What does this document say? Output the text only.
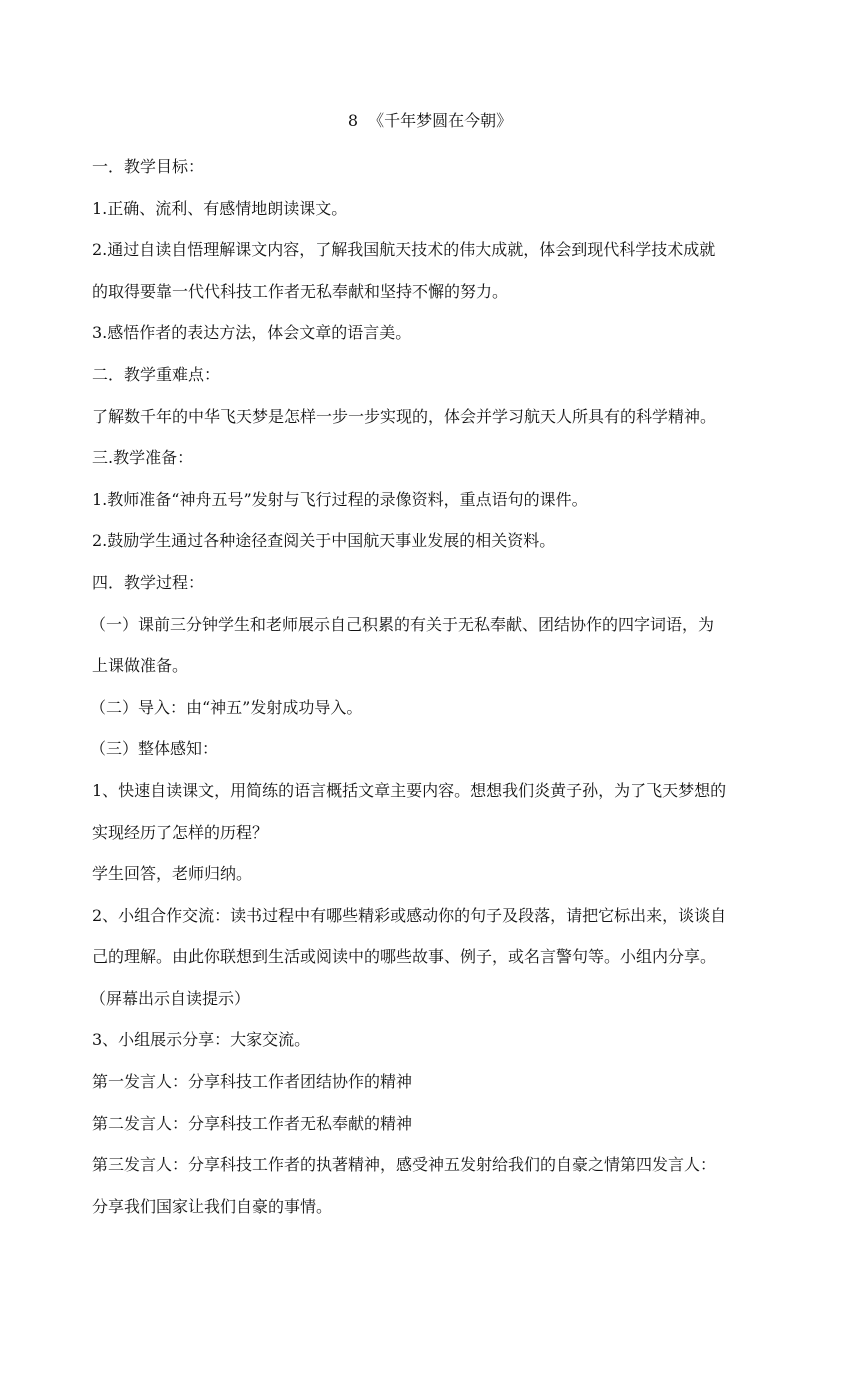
8  《千年梦圆在今朝》
一．教学目标：
1.正确、流利、有感情地朗读课文。
2.通过自读自悟理解课文内容，了解我国航天技术的伟大成就，体会到现代科学技术成就
的取得要靠一代代科技工作者无私奉献和坚持不懈的努力。
3.感悟作者的表达方法，体会文章的语言美。
二．教学重难点：
了解数千年的中华飞天梦是怎样一步一步实现的，体会并学习航天人所具有的科学精神。
三.教学准备：
1.教师准备“神舟五号”发射与飞行过程的录像资料，重点语句的课件。
2.鼓励学生通过各种途径查阅关于中国航天事业发展的相关资料。
四．教学过程：
（一）课前三分钟学生和老师展示自己积累的有关于无私奉献、团结协作的四字词语，为
上课做准备。
（二）导入：由“神五”发射成功导入。
（三）整体感知：
1、快速自读课文，用简练的语言概括文章主要内容。想想我们炎黄子孙，为了飞天梦想的
实现经历了怎样的历程？
学生回答，老师归纳。
2、小组合作交流：读书过程中有哪些精彩或感动你的句子及段落，请把它标出来，谈谈自
己的理解。由此你联想到生活或阅读中的哪些故事、例子，或名言警句等。小组内分享。
（屏幕出示自读提示）
3、小组展示分享：大家交流。
第一发言人：分享科技工作者团结协作的精神
第二发言人：分享科技工作者无私奉献的精神
第三发言人：分享科技工作者的执著精神，感受神五发射给我们的自豪之情第四发言人：
分享我们国家让我们自豪的事情。
